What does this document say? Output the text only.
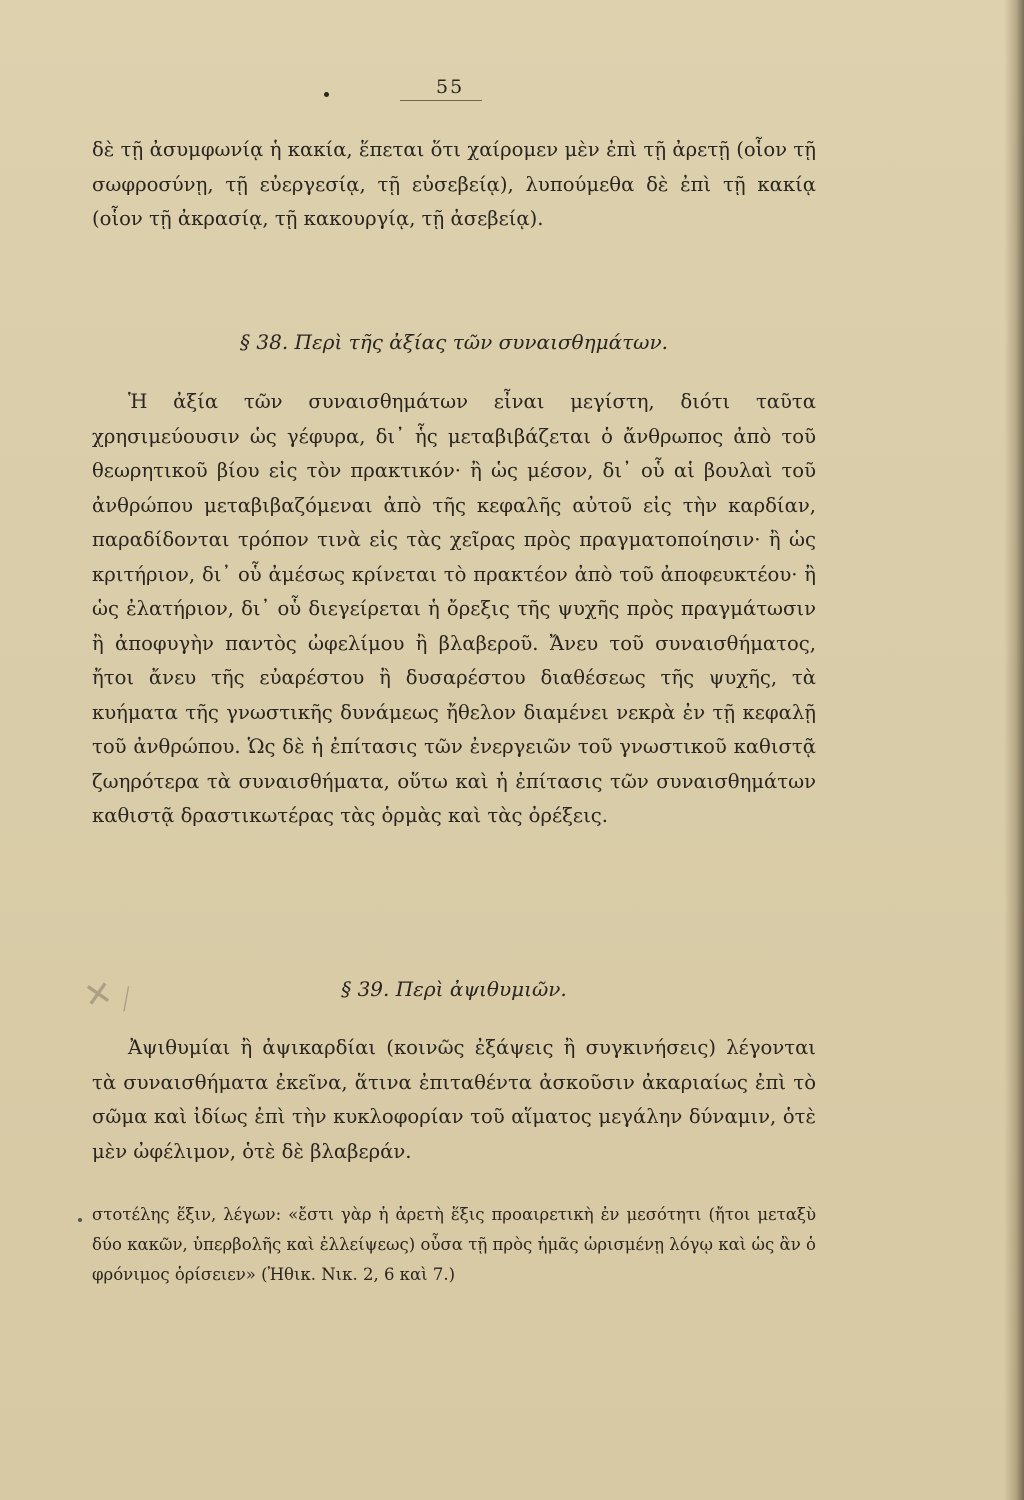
55
δὲ τῇ ἀσυμφωνίᾳ ἡ κακία, ἕπεται ὅτι χαίρομεν μὲν ἐπὶ τῇ ἀρετῇ (οἷον τῇ σωφροσύνῃ, τῇ εὐεργεσίᾳ, τῇ εὐσεβείᾳ), λυπούμεθα δὲ ἐπὶ τῇ κακίᾳ (οἷον τῇ ἀκρασίᾳ, τῇ κακουργίᾳ, τῇ ἀσεβείᾳ).
§ 38. Περὶ τῆς ἀξίας τῶν συναισθημάτων.
Ἡ ἀξία τῶν συναισθημάτων εἶναι μεγίστη, διότι ταῦτα χρησιμεύουσιν ὡς γέφυρα, δι᾽ ἧς μεταβιβάζεται ὁ ἄνθρωπος ἀπὸ τοῦ θεωρητικοῦ βίου εἰς τὸν πρακτικόν· ἢ ὡς μέσον, δι᾽ οὗ αἱ βουλαὶ τοῦ ἀνθρώπου μεταβιβαζόμεναι ἀπὸ τῆς κεφαλῆς αὐτοῦ εἰς τὴν καρδίαν, παραδίδονται τρόπον τινὰ εἰς τὰς χεῖρας πρὸς πραγματοποίησιν· ἢ ὡς κριτήριον, δι᾽ οὗ ἀμέσως κρίνεται τὸ πρακτέον ἀπὸ τοῦ ἀποφευκτέου· ἢ ὡς ἐλατήριον, δι᾽ οὗ διεγείρεται ἡ ὄρεξις τῆς ψυχῆς πρὸς πραγμάτωσιν ἢ ἀποφυγὴν παντὸς ὠφελίμου ἢ βλαβεροῦ. Ἄνευ τοῦ συναισθήματος, ἤτοι ἄνευ τῆς εὐαρέστου ἢ δυσαρέστου διαθέσεως τῆς ψυχῆς, τὰ κυήματα τῆς γνωστικῆς δυνάμεως ἤθελον διαμένει νεκρὰ ἐν τῇ κεφαλῇ τοῦ ἀνθρώπου. Ὡς δὲ ἡ ἐπίτασις τῶν ἐνεργειῶν τοῦ γνωστικοῦ καθιστᾷ ζωηρότερα τὰ συναισθήματα, οὕτω καὶ ἡ ἐπίτασις τῶν συναισθημάτων καθιστᾷ δραστικωτέρας τὰς ὁρμὰς καὶ τὰς ὀρέξεις.
✕
⟋	§ 39. Περὶ ἀψιθυμιῶν.
Ἀψιθυμίαι ἢ ἀψικαρδίαι (κοινῶς ἐξάψεις ἢ συγκινήσεις) λέγονται τὰ συναισθήματα ἐκεῖνα, ἅτινα ἐπιταθέντα ἀσκοῦσιν ἀκαριαίως ἐπὶ τὸ σῶμα καὶ ἰδίως ἐπὶ τὴν κυκλοφορίαν τοῦ αἵματος μεγάλην δύναμιν, ὁτὲ μὲν ὠφέλιμον, ὁτὲ δὲ βλαβεράν.
στοτέλης ἕξιν, λέγων: «ἔστι γὰρ ἡ ἀρετὴ ἕξις προαιρετικὴ ἐν μεσότητι (ἤτοι μεταξὺ δύο κακῶν, ὑπερβολῆς καὶ ἐλλείψεως) οὖσα τῇ πρὸς ἡμᾶς ὡρισμένῃ λόγῳ καὶ ὡς ἂν ὁ φρόνιμος ὁρίσειεν» (Ἠθικ. Νικ. 2, 6 καὶ 7.)
